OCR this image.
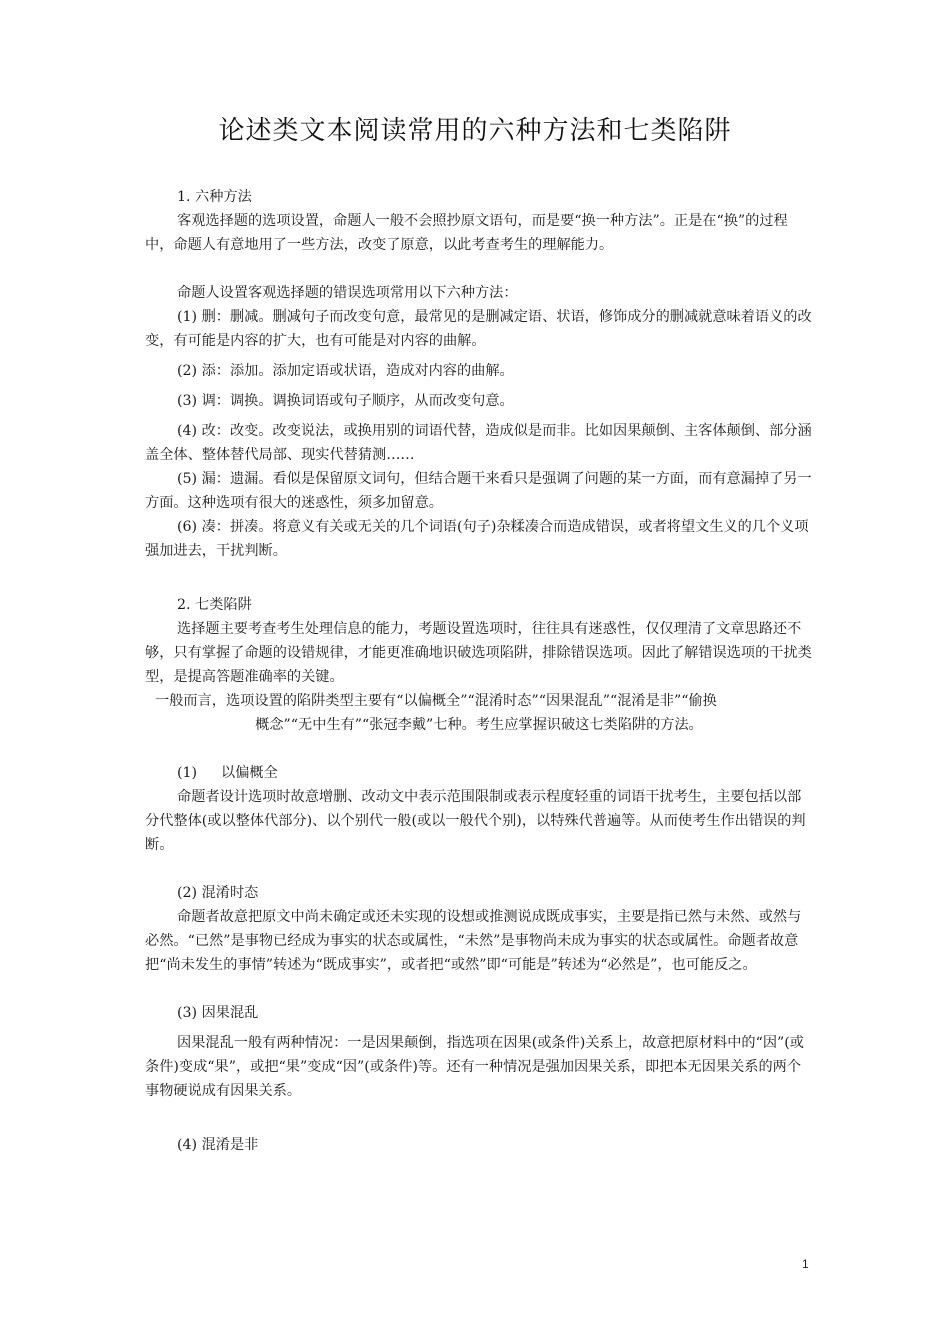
论述类文本阅读常用的六种方法和七类陷阱

1. 六种方法

客观选择题的选项设置，命题人一般不会照抄原文语句，而是要“换一种方法”。正是在“换”的过程中，命题人有意地用了一些方法，改变了原意，以此考查考生的理解能力。

命题人设置客观选择题的错误选项常用以下六种方法：

(1) 删：删减。删减句子而改变句意，最常见的是删减定语、状语，修饰成分的删减就意味着语义的改变，有可能是内容的扩大，也有可能是对内容的曲解。

(2) 添：添加。添加定语或状语，造成对内容的曲解。

(3) 调：调换。调换词语或句子顺序，从而改变句意。

(4) 改：改变。改变说法，或换用别的词语代替，造成似是而非。比如因果颠倒、主客体颠倒、部分涵盖全体、整体替代局部、现实代替猜测……

(5) 漏：遗漏。看似是保留原文词句，但结合题干来看只是强调了问题的某一方面，而有意漏掉了另一方面。这种选项有很大的迷惑性，须多加留意。

(6) 凑：拼凑。将意义有关或无关的几个词语(句子)杂糅凑合而造成错误，或者将望文生义的几个义项强加进去，干扰判断。

2. 七类陷阱

选择题主要考查考生处理信息的能力，考题设置选项时，往往具有迷惑性，仅仅理清了文章思路还不够，只有掌握了命题的设错规律，才能更准确地识破选项陷阱，排除错误选项。因此了解错误选项的干扰类型，是提高答题准确率的关键。

一般而言，选项设置的陷阱类型主要有“以偏概全”“混淆时态”“因果混乱”“混淆是非”“偷换

概念”“无中生有”“张冠李戴”七种。考生应掌握识破这七类陷阱的方法。

(1) 以偏概全

命题者设计选项时故意增删、改动文中表示范围限制或表示程度轻重的词语干扰考生，主要包括以部分代整体(或以整体代部分)、以个别代一般(或以一般代个别)，以特殊代普遍等。从而使考生作出错误的判断。

(2) 混淆时态

命题者故意把原文中尚未确定或还未实现的设想或推测说成既成事实，主要是指已然与未然、或然与必然。“已然”是事物已经成为事实的状态或属性，“未然”是事物尚未成为事实的状态或属性。命题者故意把“尚未发生的事情”转述为“既成事实”，或者把“或然”即“可能是”转述为“必然是”，也可能反之。

(3) 因果混乱

因果混乱一般有两种情况：一是因果颠倒，指选项在因果(或条件)关系上，故意把原材料中的“因”(或条件)变成“果”，或把“果”变成“因”(或条件)等。还有一种情况是强加因果关系，即把本无因果关系的两个事物硬说成有因果关系。

(4) 混淆是非

1
